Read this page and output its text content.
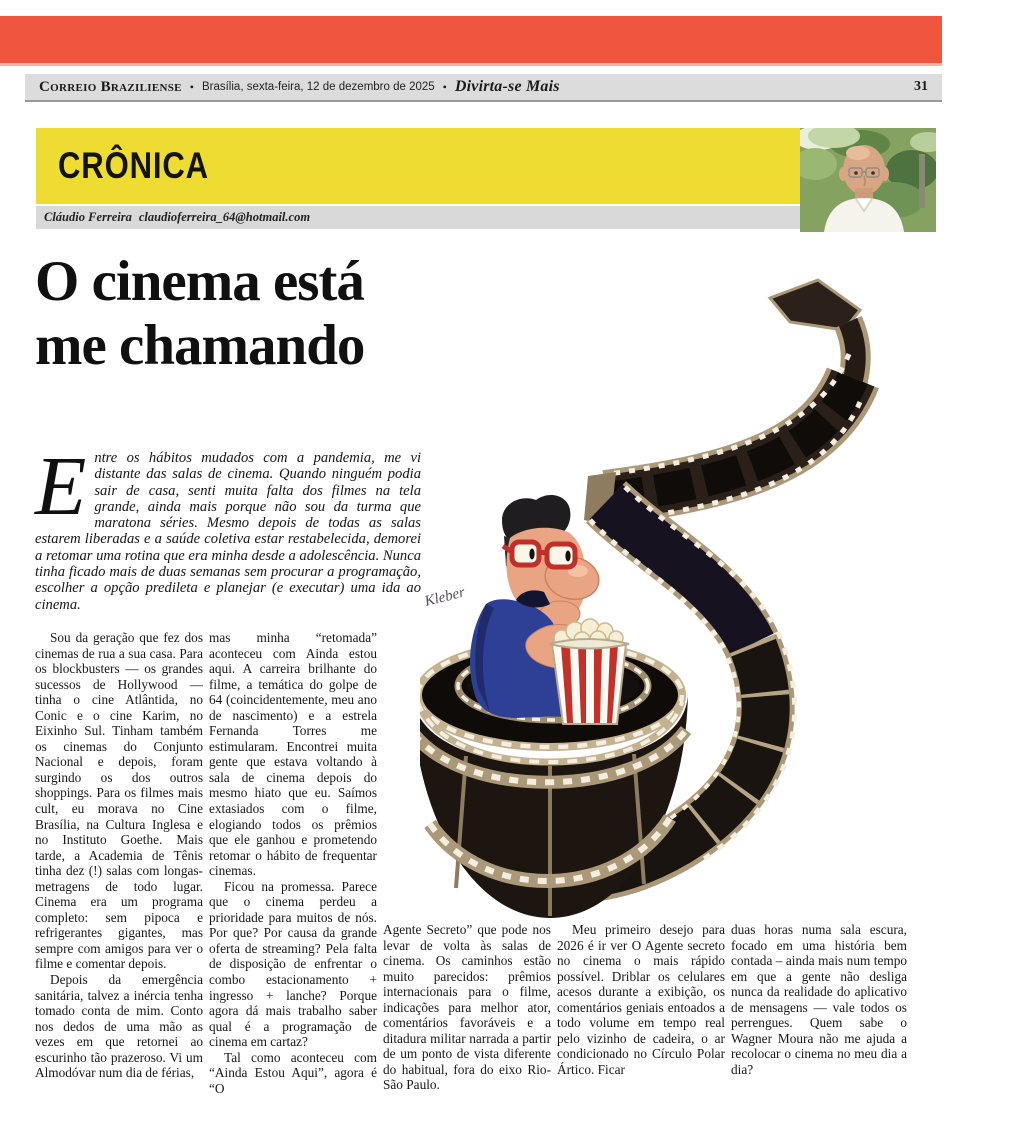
Correio Braziliense • Brasília, sexta-feira, 12 de dezembro de 2025 • Divirta-se Mais	31
CRÔNICA
Cláudio Ferreira claudioferreira_64@hotmail.com
O cinema está me chamando
Entre os hábitos mudados com a pandemia, me vi distante das salas de cinema. Quando ninguém podia sair de casa, senti muita falta dos filmes na tela grande, ainda mais porque não sou da turma que maratona séries. Mesmo depois de todas as salas estarem liberadas e a saúde coletiva estar restabelecida, demorei a retomar uma rotina que era minha desde a adolescência. Nunca tinha ficado mais de duas semanas sem procurar a programação, escolher a opção predileta e planejar (e executar) uma ida ao cinema.	Kleber

Sou da geração que fez dos cinemas de rua a sua casa. Para os blockbusters — os grandes sucessos de Hollywood — tinha o cine Atlântida, no Conic e o cine Karim, no Eixinho Sul. Tinham também os cinemas do Conjunto Nacional e depois, foram surgindo os dos outros shoppings. Para os filmes mais cult, eu morava no Cine Brasília, na Cultura Inglesa e no Instituto Goethe. Mais tarde, a Academia de Tênis tinha dez (!) salas com longas-metragens de todo lugar. Cinema era um programa completo: sem pipoca e refrigerantes gigantes, mas sempre com amigos para ver o filme e comentar depois.

Depois da emergência sanitária, talvez a inércia tenha tomado conta de mim. Conto nos dedos de uma mão as vezes em que retornei ao escurinho tão prazeroso. Vi um Almodóvar num dia de férias,

mas minha “retomada” aconteceu com Ainda estou aqui. A carreira brilhante do filme, a temática do golpe de 64 (coincidentemente, meu ano de nascimento) e a estrela Fernanda Torres me estimularam. Encontrei muita gente que estava voltando à sala de cinema depois do mesmo hiato que eu. Saímos extasiados com o filme, elogiando todos os prêmios que ele ganhou e prometendo retomar o hábito de frequentar cinemas.

Ficou na promessa. Parece que o cinema perdeu a prioridade para muitos de nós. Por que? Por causa da grande oferta de streaming? Pela falta de disposição de enfrentar o combo estacionamento + ingresso + lanche? Porque agora dá mais trabalho saber qual é a programação de cinema em cartaz?

Tal como aconteceu com “Ainda Estou Aqui”, agora é “O

Agente Secreto” que pode nos levar de volta às salas de cinema. Os caminhos estão muito parecidos: prêmios internacionais para o filme, indicações para melhor ator, comentários favoráveis e a ditadura militar narrada a partir de um ponto de vista diferente do habitual, fora do eixo Rio-São Paulo.

Meu primeiro desejo para 2026 é ir ver O Agente secreto no cinema o mais rápido possível. Driblar os celulares acesos durante a exibição, os comentários geniais entoados a todo volume em tempo real pelo vizinho de cadeira, o ar condicionado no Círculo Polar Ártico. Ficar

duas horas numa sala escura, focado em uma história bem contada – ainda mais num tempo em que a gente não desliga nunca da realidade do aplicativo de mensagens — vale todos os perrengues. Quem sabe o Wagner Moura não me ajuda a recolocar o cinema no meu dia a dia?
